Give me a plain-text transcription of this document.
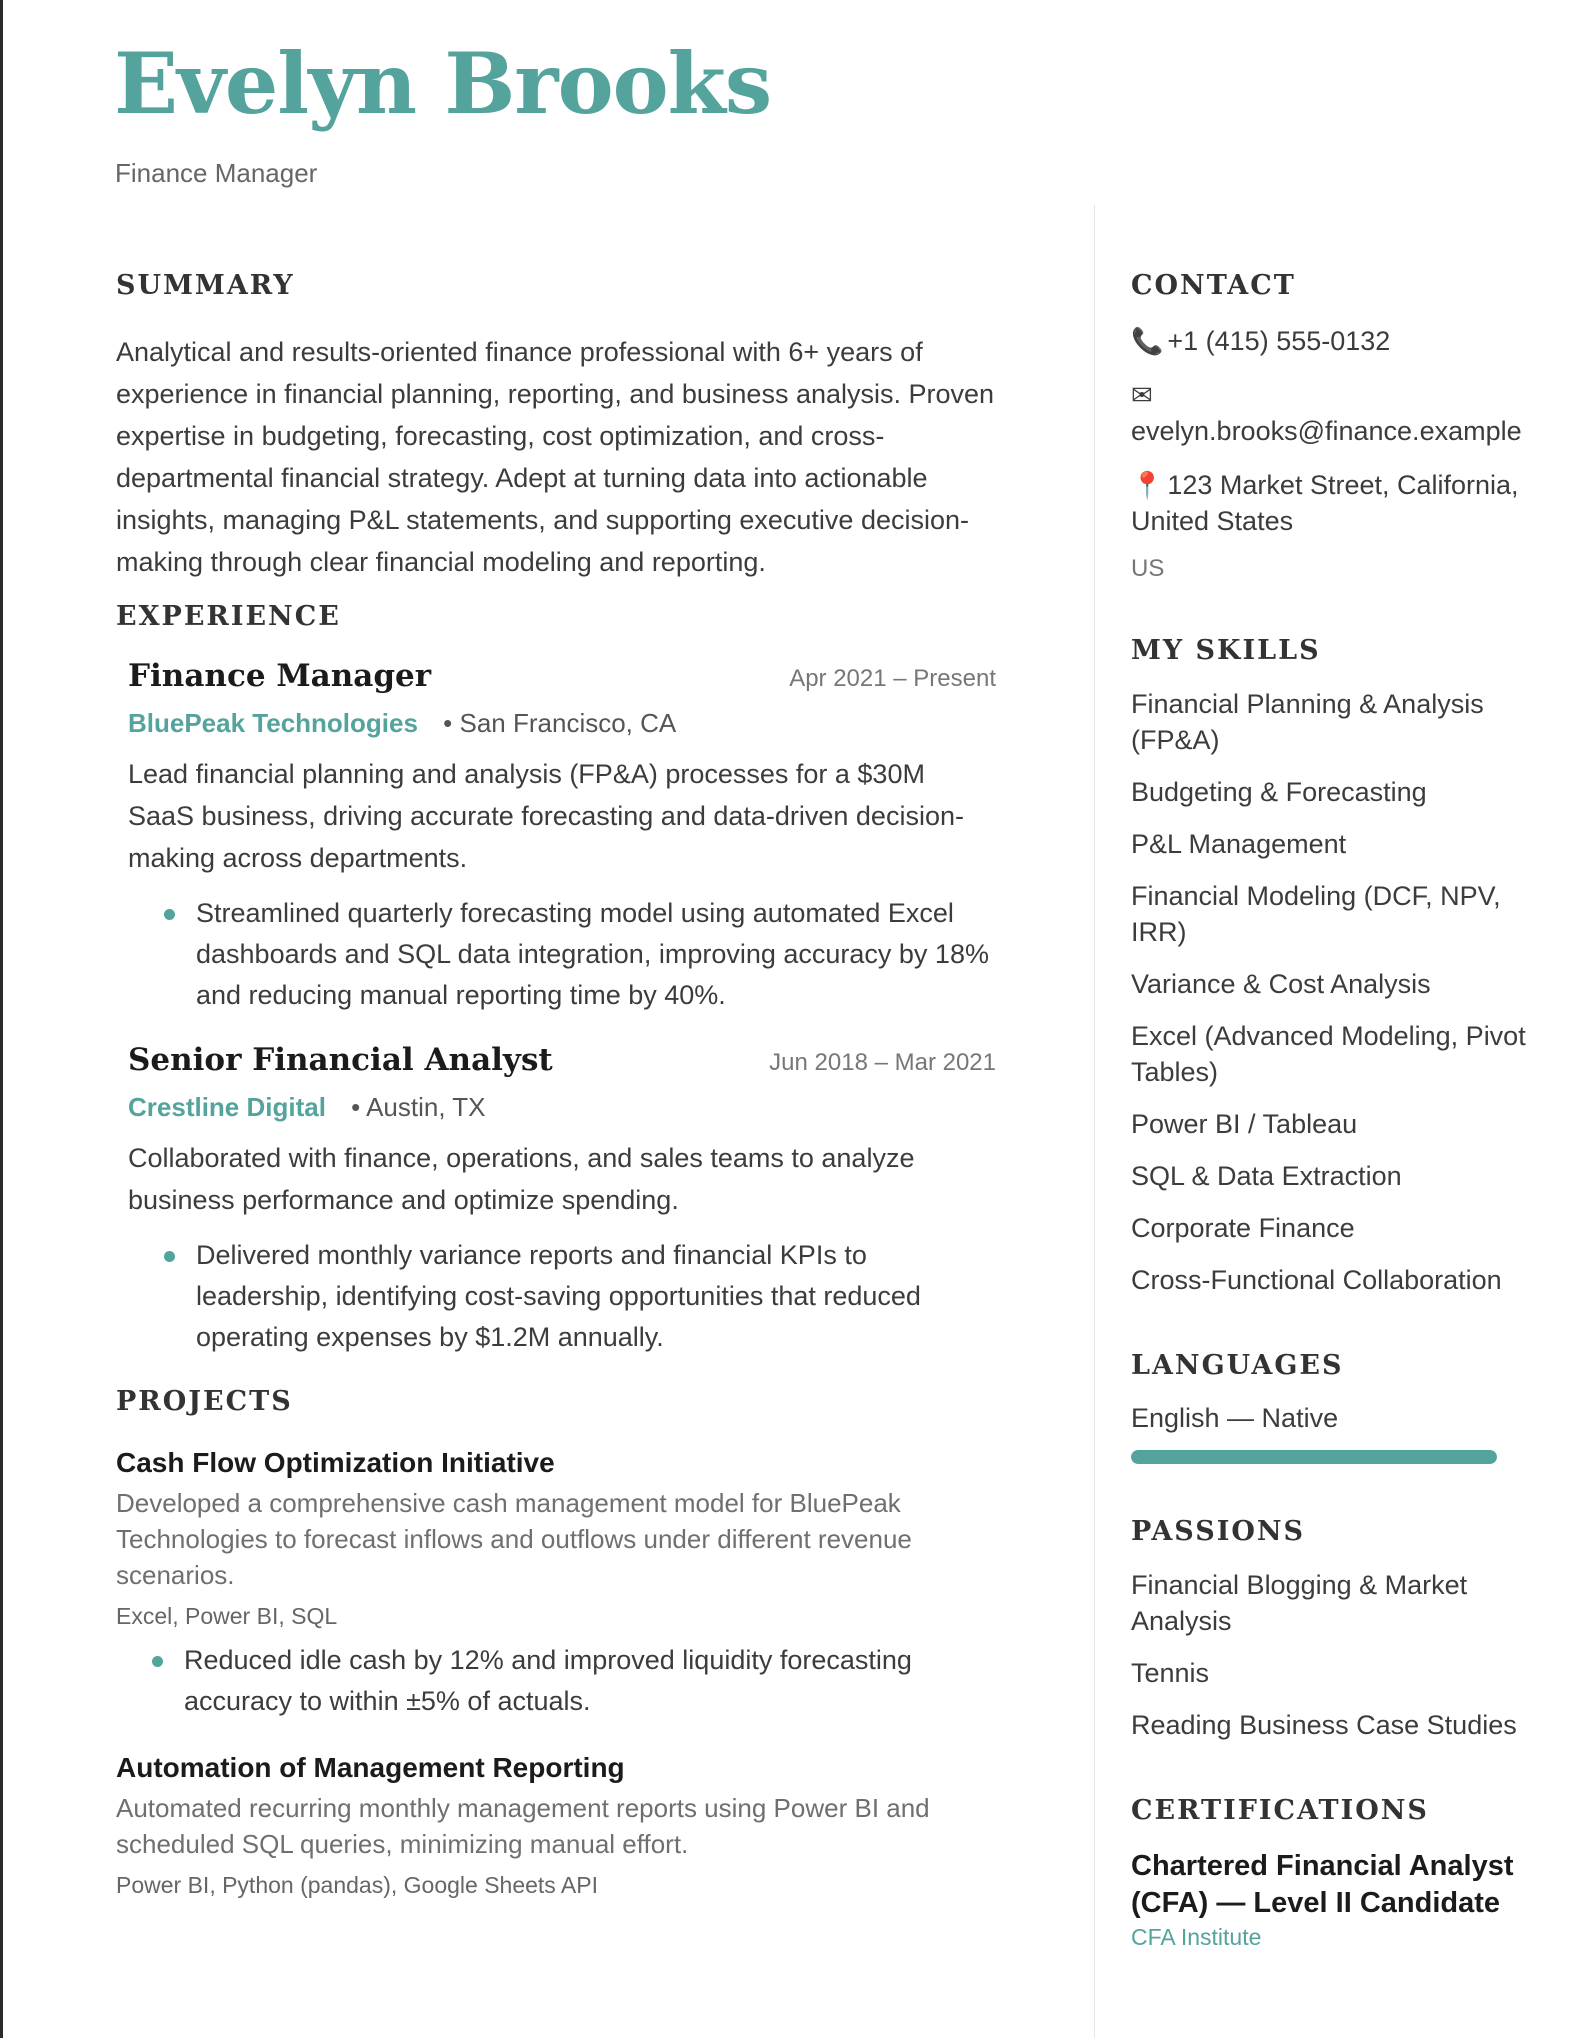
Evelyn Brooks
Finance Manager
SUMMARY

Analytical and results-oriented finance professional with 6+ years of experience in financial planning, reporting, and business analysis. Proven expertise in budgeting, forecasting, cost optimization, and cross-departmental financial strategy. Adept at turning data into actionable insights, managing P&L statements, and supporting executive decision-making through clear financial modeling and reporting.

EXPERIENCE
Finance Manager	Apr 2021 – Present
BluePeak Technologies • San Francisco, CA
Lead financial planning and analysis (FP&A) processes for a $30M SaaS business, driving accurate forecasting and data-driven decision-making across departments.
Streamlined quarterly forecasting model using automated Excel dashboards and SQL data integration, improving accuracy by 18% and reducing manual reporting time by 40%.
Senior Financial Analyst	Jun 2018 – Mar 2021
Crestline Digital • Austin, TX
Collaborated with finance, operations, and sales teams to analyze business performance and optimize spending.
Delivered monthly variance reports and financial KPIs to leadership, identifying cost-saving opportunities that reduced operating expenses by $1.2M annually.
PROJECTS
Cash Flow Optimization Initiative
Developed a comprehensive cash management model for BluePeak Technologies to forecast inflows and outflows under different revenue scenarios.
Excel, Power BI, SQL
Reduced idle cash by 12% and improved liquidity forecasting accuracy to within ±5% of actuals.
Automation of Management Reporting
Automated recurring monthly management reports using Power BI and scheduled SQL queries, minimizing manual effort.
Power BI, Python (pandas), Google Sheets API
CONTACT
📞 +1 (415) 555-0132
✉
evelyn.brooks@finance.example
📍 123 Market Street, California, United States
US
MY SKILLS
Financial Planning & Analysis (FP&A)
Budgeting & Forecasting
P&L Management
Financial Modeling (DCF, NPV, IRR)
Variance & Cost Analysis
Excel (Advanced Modeling, Pivot Tables)
Power BI / Tableau
SQL & Data Extraction
Corporate Finance
Cross-Functional Collaboration
LANGUAGES
English — Native
PASSIONS
Financial Blogging & Market Analysis
Tennis
Reading Business Case Studies
CERTIFICATIONS
Chartered Financial Analyst (CFA) — Level II Candidate
CFA Institute
